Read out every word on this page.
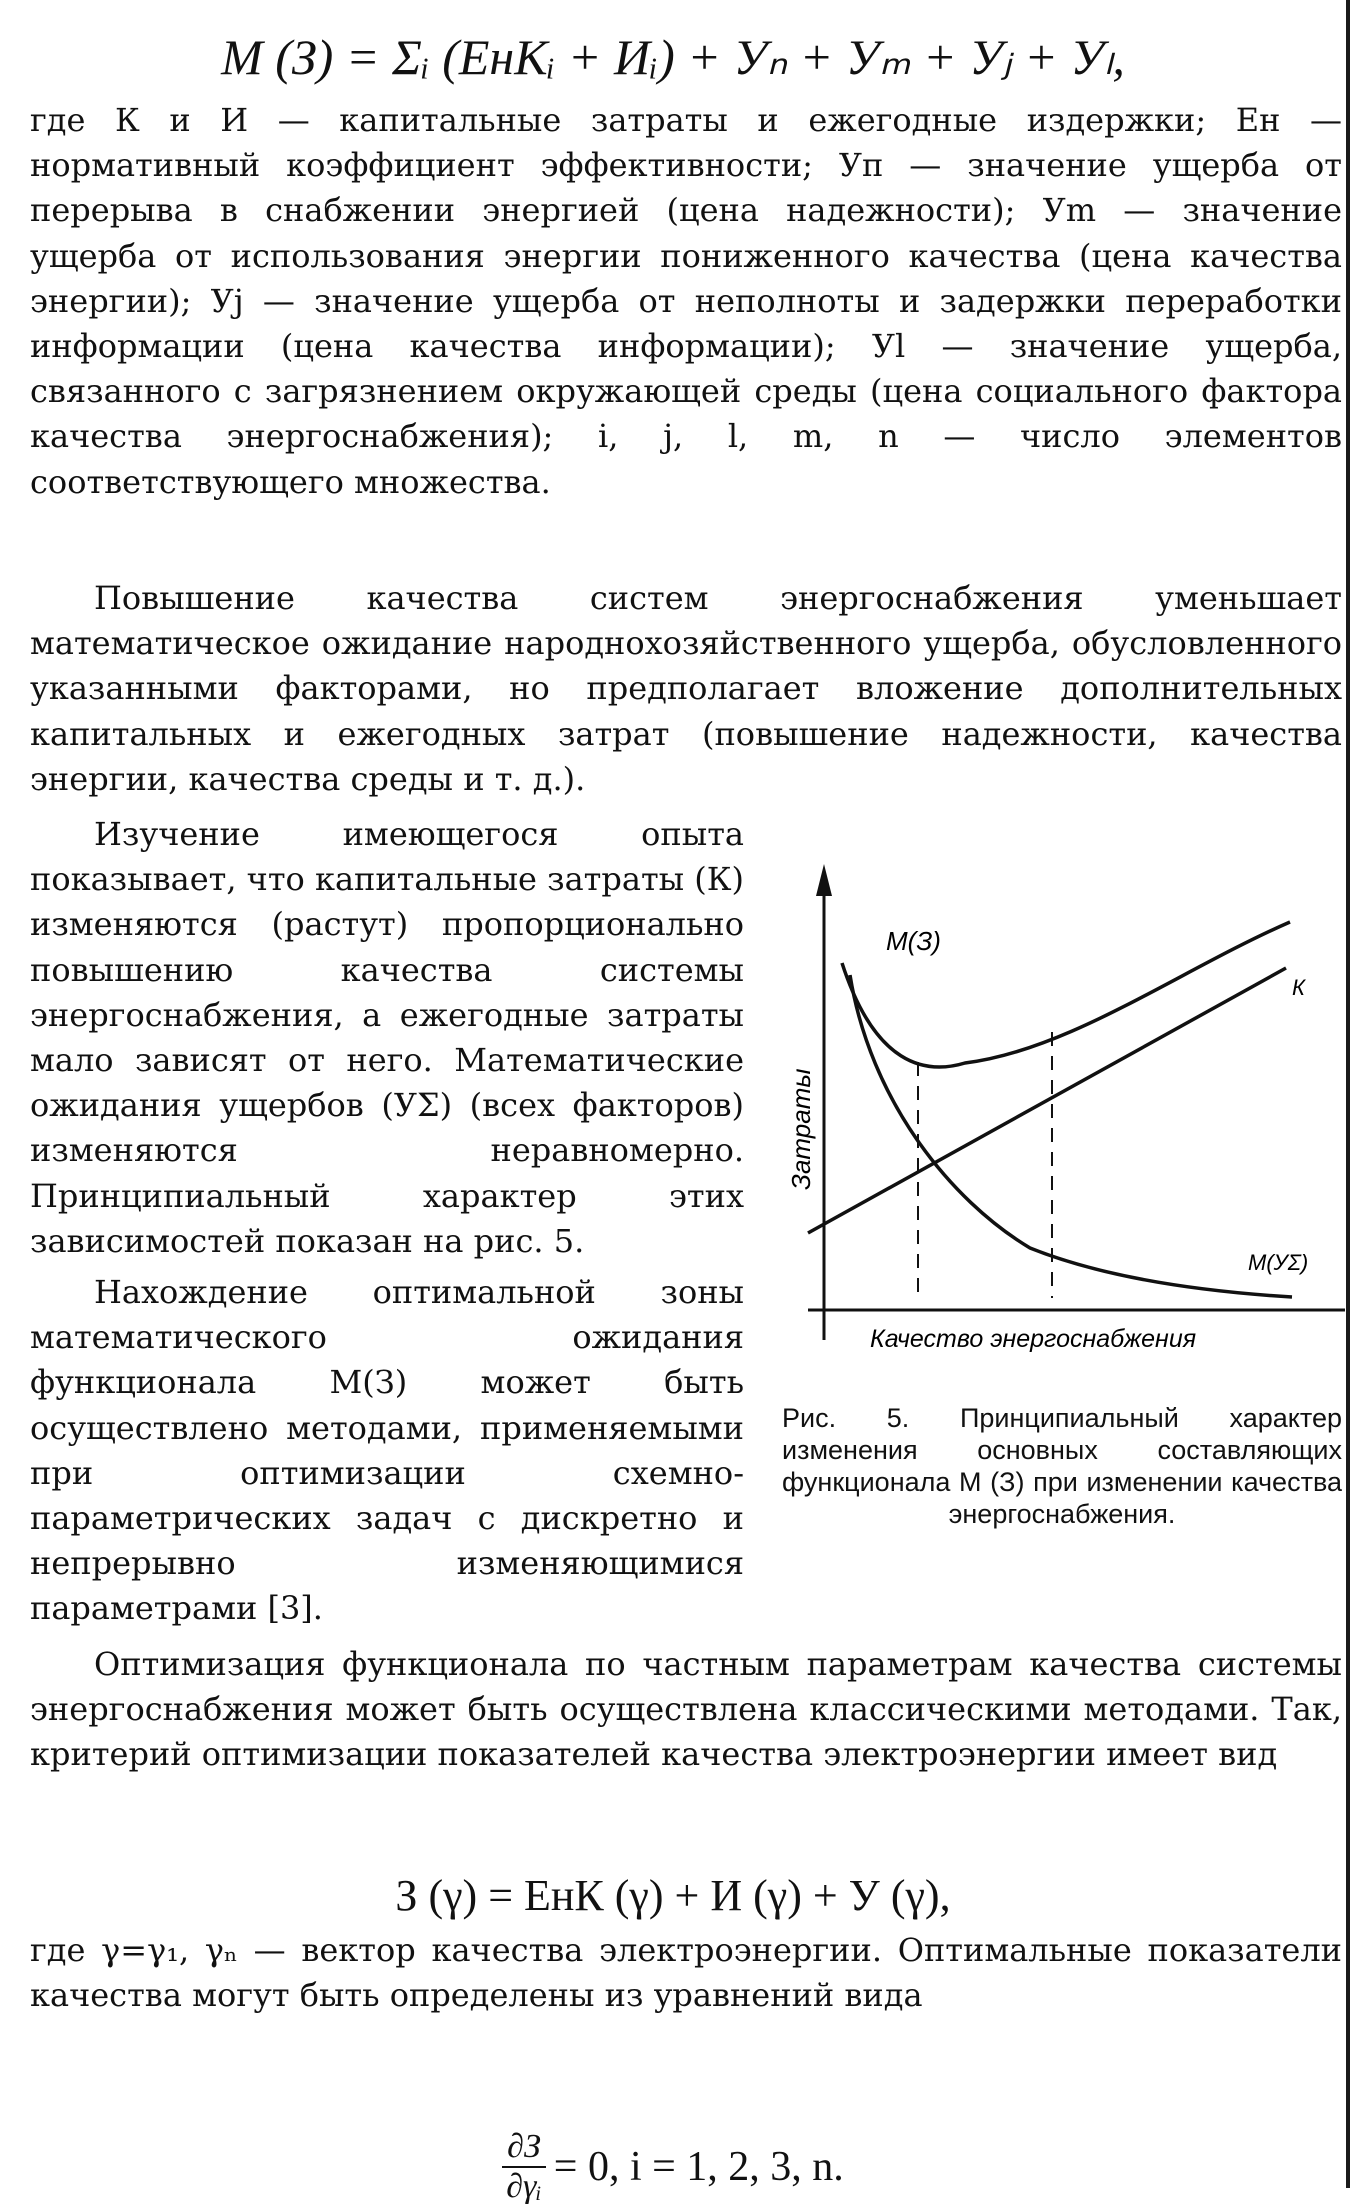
М (З) = Σᵢ (EнКᵢ + Иᵢ) + Уₙ + Уₘ + Уⱼ + Уₗ,
где К и И — капитальные затраты и ежегодные издержки; Ен — нормативный коэффициент эффективности; Уп — значение ущерба от перерыва в снабжении энергией (цена надежности); Уm — значение ущерба от использования энергии пониженного качества (цена качества энергии); Уj — значение ущерба от неполноты и задержки переработки информации (цена качества информации); Уl — значение ущерба, связанного с загрязнением окружающей среды (цена социального фактора качества энергоснабжения); i, j, l, m, n — число элементов соответствующего множества.
Повышение качества систем энергоснабжения уменьшает математическое ожидание народнохозяйственного ущерба, обусловленного указанными факторами, но предполагает вложение дополнительных капитальных и ежегодных затрат (повышение надежности, качества энергии, качества среды и т. д.).
Изучение имеющегося опыта показывает, что капитальные затраты (К) изменяются (растут) пропорционально повышению качества системы энергоснабжения, а ежегодные затраты мало зависят от него. Математические ожидания ущербов (УΣ) (всех факторов) изменяются неравномерно. Принципиальный характер этих зависимостей показан на рис. 5.
Нахождение оптимальной зоны математического ожидания функционала М(З) может быть осуществлено методами, применяемыми при оптимизации схемно-параметрических задач с дискретно и непрерывно изменяющимися параметрами [3].
М(З)
К
М(УΣ)
Затраты
Качество энергоснабжения
Рис. 5. Принципиальный характер изменения основных составляющих функционала М (З) при изменении качества энергоснабжения.
Оптимизация функционала по частным параметрам качества системы энергоснабжения может быть осуществлена классическими методами. Так, критерий оптимизации показателей качества электроэнергии имеет вид
З (γ) = EнК (γ) + И (γ) + У (γ),
где γ=γ₁, γₙ — вектор качества электроэнергии. Оптимальные показатели качества могут быть определены из уравнений вида
∂З
∂γᵢ = 0, i = 1, 2, 3, n.
